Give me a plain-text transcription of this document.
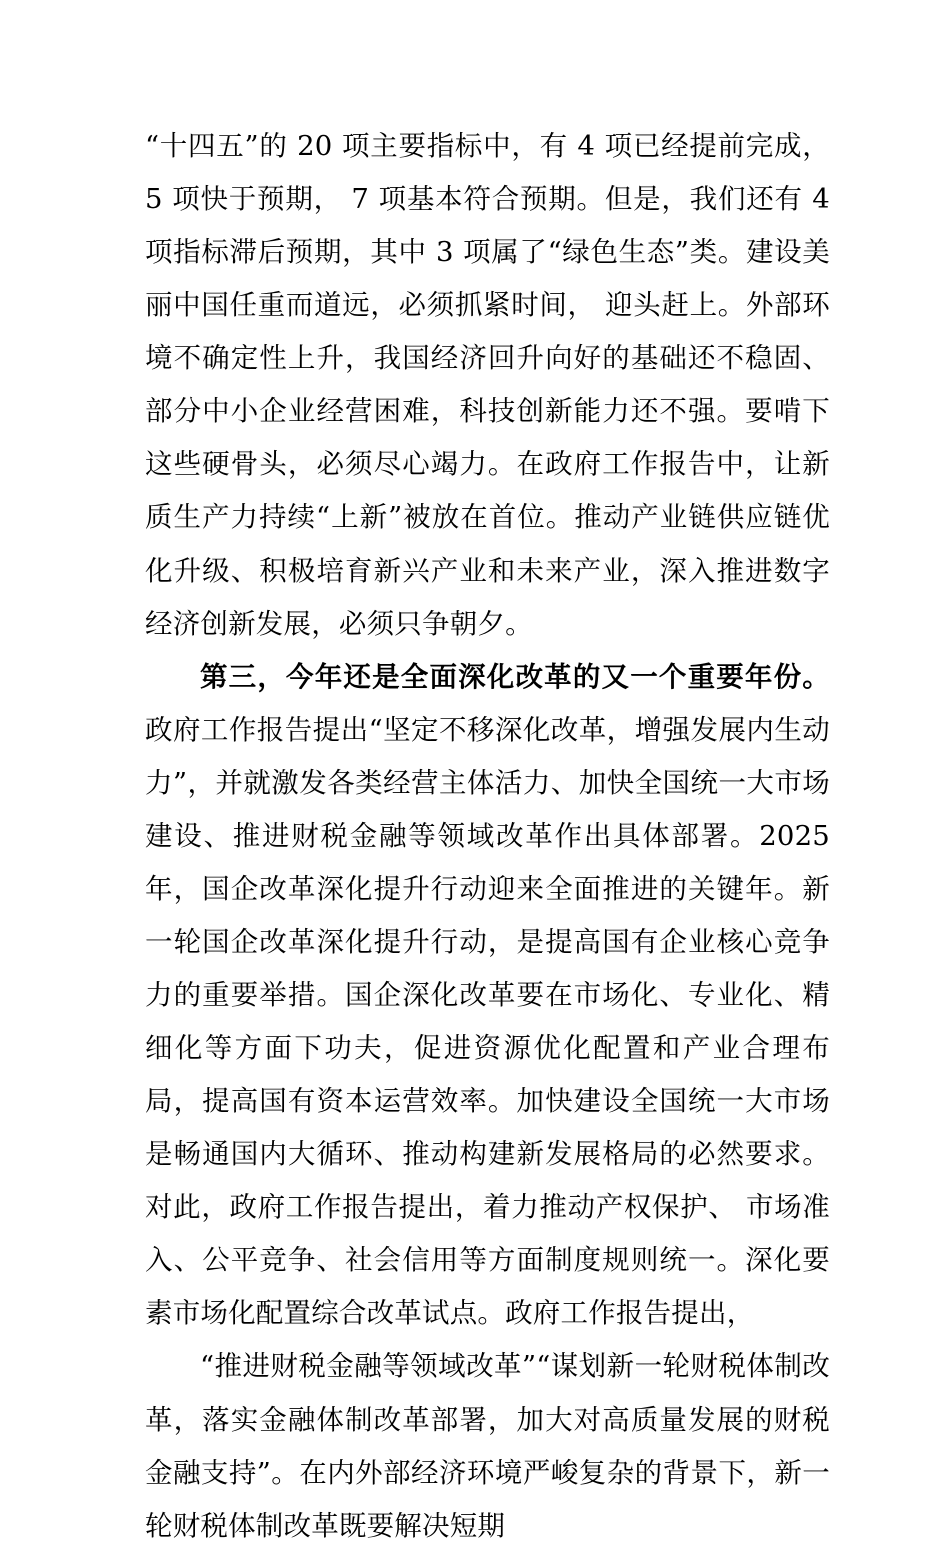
“十四五”的 20 项主要指标中，有 4 项已经提前完成，5 项快于预期， 7 项基本符合预期。但是，我们还有 4 项指标滞后预期，其中 3 项属了“绿色生态”类。建设美丽中国任重而道远，必须抓紧时间， 迎头赶上。外部环境不确定性上升，我国经济回升向好的基础还不稳固、部分中小企业经营困难，科技创新能力还不强。要啃下这些硬骨头，必须尽心竭力。在政府工作报告中，让新质生产力持续“上新”被放在首位。推动产业链供应链优化升级、积极培育新兴产业和未来产业，深入推进数字经济创新发展，必须只争朝夕。

第三，今年还是全面深化改革的又一个重要年份。政府工作报告提出“坚定不移深化改革，增强发展内生动力”，并就激发各类经营主体活力、加快全国统一大市场建设、推进财税金融等领域改革作出具体部署。2025 年，国企改革深化提升行动迎来全面推进的关键年。新一轮国企改革深化提升行动，是提高国有企业核心竞争力的重要举措。国企深化改革要在市场化、专业化、精细化等方面下功夫，促进资源优化配置和产业合理布局，提高国有资本运营效率。加快建设全国统一大市场是畅通国内大循环、推动构建新发展格局的必然要求。对此，政府工作报告提出，着力推动产权保护、 市场准入、公平竞争、社会信用等方面制度规则统一。深化要素市场化配置综合改革试点。政府工作报告提出，

“推进财税金融等领域改革”“谋划新一轮财税体制改革，落实金融体制改革部署，加大对高质量发展的财税金融支持”。在内外部经济环境严峻复杂的背景下，新一轮财税体制改革既要解决短期
